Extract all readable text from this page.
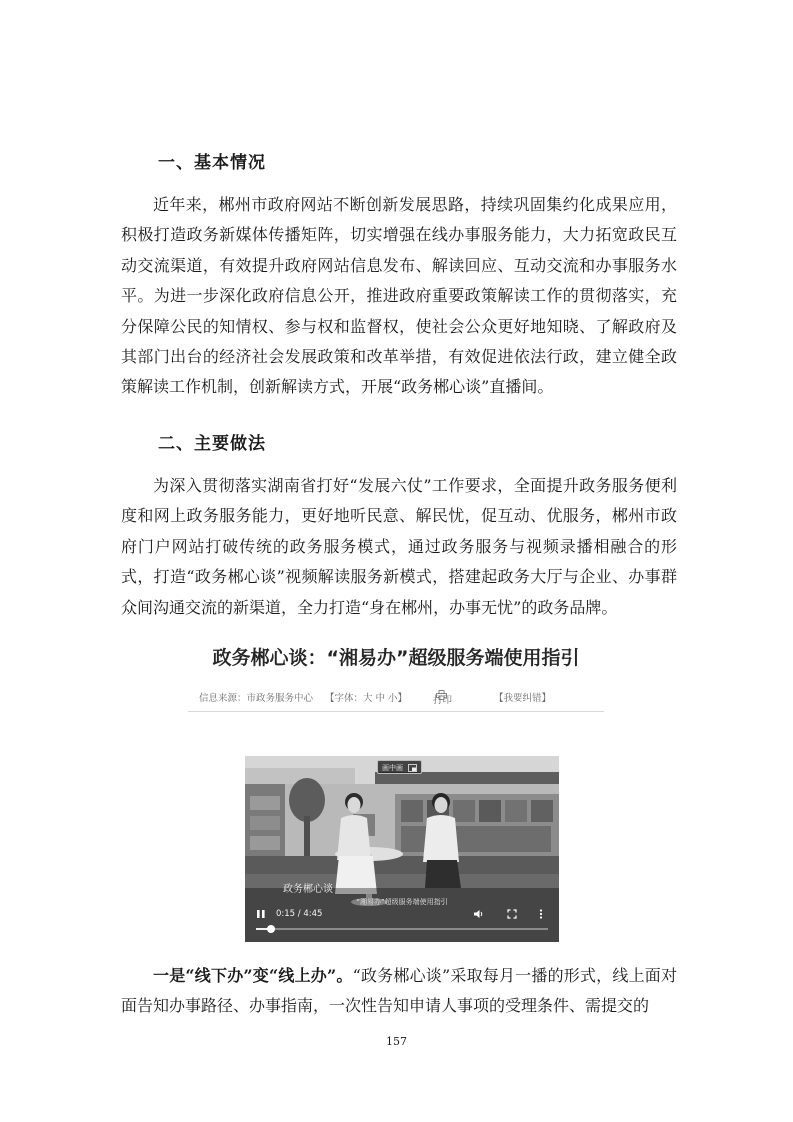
一、基本情况

近年来，郴州市政府网站不断创新发展思路，持续巩固集约化成果应用，积极打造政务新媒体传播矩阵，切实增强在线办事服务能力，大力拓宽政民互动交流渠道，有效提升政府网站信息发布、解读回应、互动交流和办事服务水平。为进一步深化政府信息公开，推进政府重要政策解读工作的贯彻落实，充分保障公民的知情权、参与权和监督权，使社会公众更好地知晓、了解政府及其部门出台的经济社会发展政策和改革举措，有效促进依法行政，建立健全政策解读工作机制，创新解读方式，开展“政务郴心谈”直播间。

二、主要做法

为深入贯彻落实湖南省打好“发展六仗”工作要求，全面提升政务服务便利度和网上政务服务能力，更好地听民意、解民忧，促互动、优服务，郴州市政府门户网站打破传统的政务服务模式，通过政务服务与视频录播相融合的形式，打造“政务郴心谈”视频解读服务新模式，搭建起政务大厅与企业、办事群众间沟通交流的新渠道，全力打造“身在郴州，办事无忧”的政务品牌。

政务郴心谈：“湘易办”超级服务端使用指引
信息来源：市政务服务中心 【字体：大 中 小】	打印	【我要纠错】
画中画
政务郴心谈
“湘易办”超级服务端使用指引
0:15 / 4:45

一是“线下办”变“线上办”。“政务郴心谈”采取每月一播的形式，线上面对面告知办事路径、办事指南，一次性告知申请人事项的受理条件、需提交的

157
